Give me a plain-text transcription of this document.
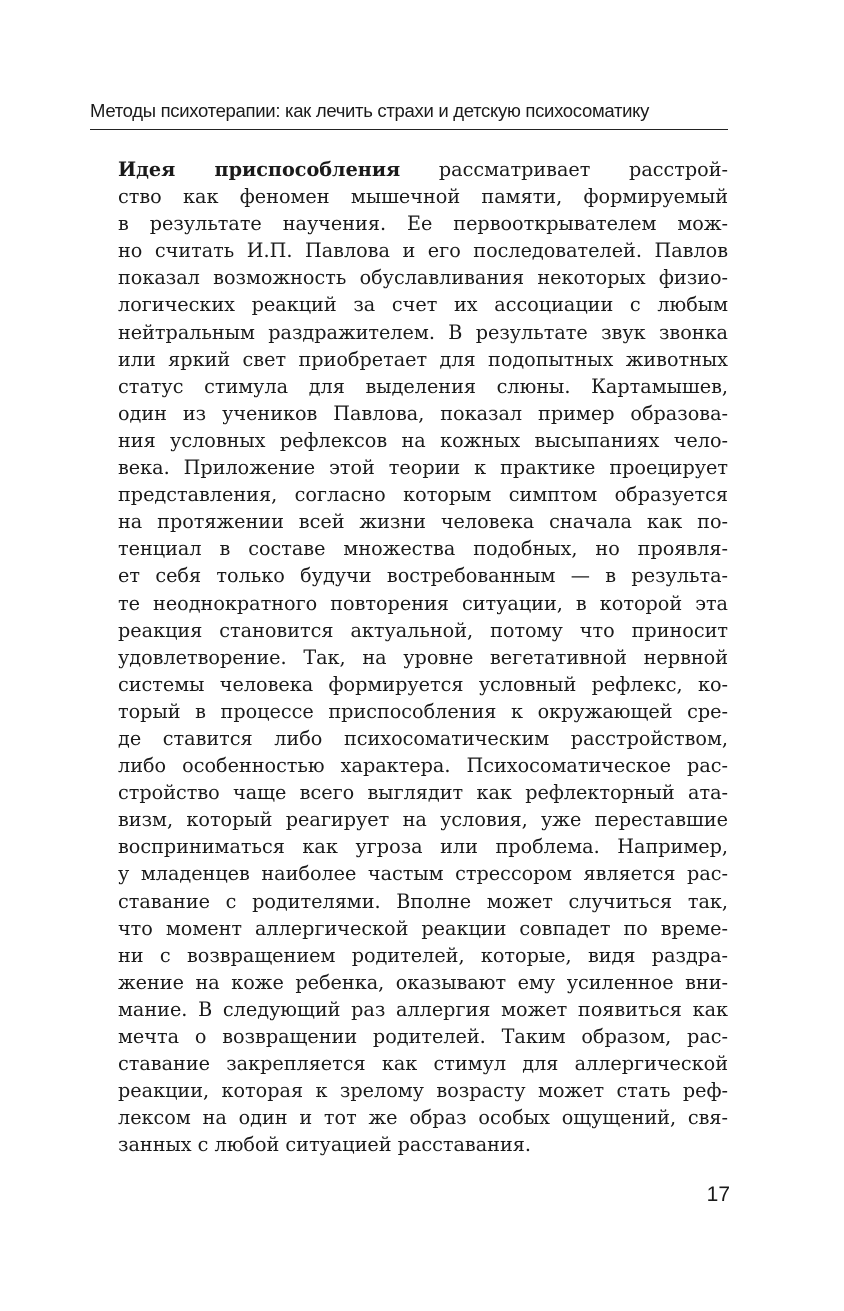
Методы психотерапии: как лечить страхи и детскую психосоматику
Идея приспособления рассматривает расстрой-
ство как феномен мышечной памяти, формируемый
в результате научения. Ее первооткрывателем мож-
но считать И.П. Павлова и его последователей. Павлов
показал возможность обуславливания некоторых физио-
логических реакций за счет их ассоциации с любым
нейтральным раздражителем. В результате звук звонка
или яркий свет приобретает для подопытных животных
статус стимула для выделения слюны. Картамышев,
один из учеников Павлова, показал пример образова-
ния условных рефлексов на кожных высыпаниях чело-
века. Приложение этой теории к практике проецирует
представления, согласно которым симптом образуется
на протяжении всей жизни человека сначала как по-
тенциал в составе множества подобных, но проявля-
ет себя только будучи востребованным — в результа-
те неоднократного повторения ситуации, в которой эта
реакция становится актуальной, потому что приносит
удовлетворение. Так, на уровне вегетативной нервной
системы человека формируется условный рефлекс, ко-
торый в процессе приспособления к окружающей сре-
де ставится либо психосоматическим расстройством,
либо особенностью характера. Психосоматическое рас-
стройство чаще всего выглядит как рефлекторный ата-
визм, который реагирует на условия, уже переставшие
восприниматься как угроза или проблема. Например,
у младенцев наиболее частым стрессором является рас-
ставание с родителями. Вполне может случиться так,
что момент аллергической реакции совпадет по време-
ни с возвращением родителей, которые, видя раздра-
жение на коже ребенка, оказывают ему усиленное вни-
мание. В следующий раз аллергия может появиться как
мечта о возвращении родителей. Таким образом, рас-
ставание закрепляется как стимул для аллергической
реакции, которая к зрелому возрасту может стать реф-
лексом на один и тот же образ особых ощущений, свя-
занных с любой ситуацией расставания.
17
